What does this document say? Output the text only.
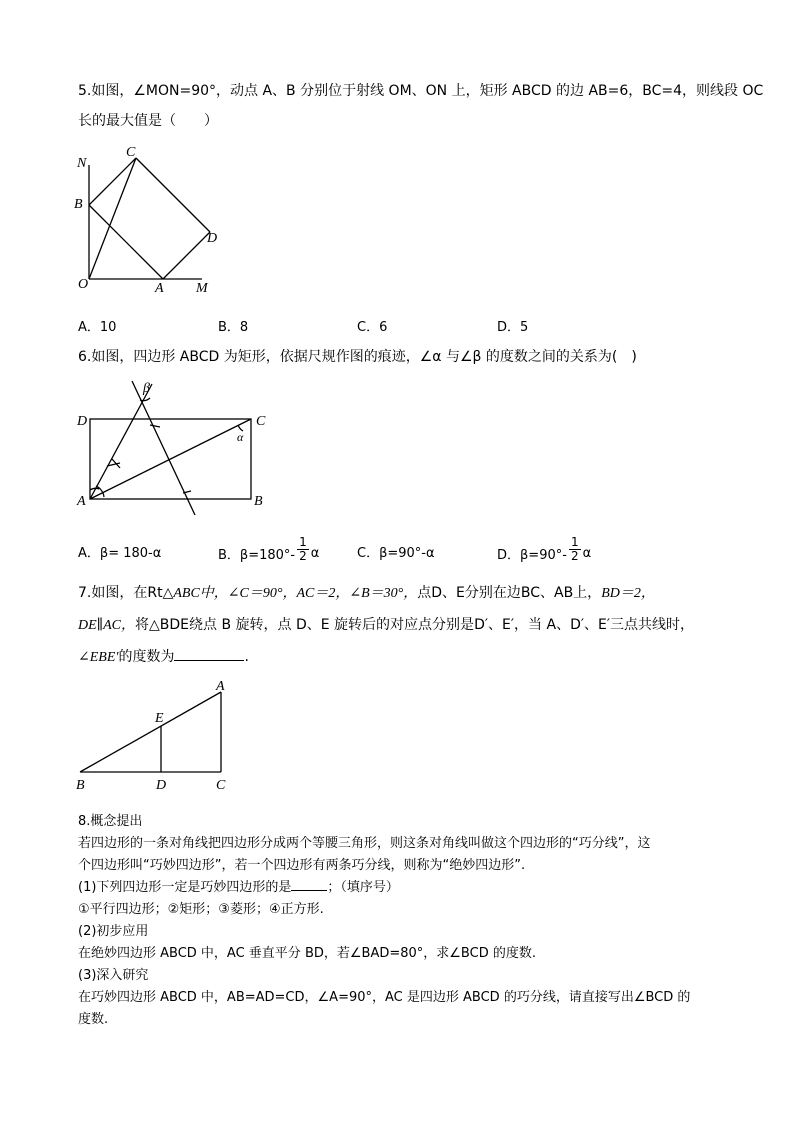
5.如图，∠MON=90°，动点 A、B 分别位于射线 OM、ON 上，矩形 ABCD 的边 AB=6，BC=4，则线段 OC
长的最大值是（　　）
N
C
B
D
O	A M
A．10	B．8	C．6	D．5
6.如图，四边形 ABCD 为矩形，依据尺规作图的痕迹，∠α 与∠β 的度数之间的关系为(　)
β
D	C
α
A	B
A．β= 180-α	B．$\beta=180^\circ- \frac{1}{2}$ α	C．β=90°-α	D．$\beta=90^\circ- \frac{1}{2}$ α
7.如图，在Rt△ABC中，∠C＝90°，AC＝2，∠B＝30°，点D、E分别在边BC、AB上，BD＝2，
DE∥AC，将△BDE绕点 B 旋转，点 D、E 旋转后的对应点分别是D′、E′，当 A、D′、E′三点共线时，
∠EBE′的度数为	.
A
E
B	D	C
8.概念提出
若四边形的一条对角线把四边形分成两个等腰三角形，则这条对角线叫做这个四边形的“巧分线”，这
个四边形叫“巧妙四边形”，若一个四边形有两条巧分线，则称为“绝妙四边形”.
(1)下列四边形一定是巧妙四边形的是	；（填序号）
①平行四边形；②矩形；③菱形；④正方形.
(2)初步应用
在绝妙四边形 ABCD 中，AC 垂直平分 BD，若∠BAD=80°，求∠BCD 的度数.
(3)深入研究
在巧妙四边形 ABCD 中，AB=AD=CD，∠A=90°，AC 是四边形 ABCD 的巧分线，请直接写出∠BCD 的
度数.
